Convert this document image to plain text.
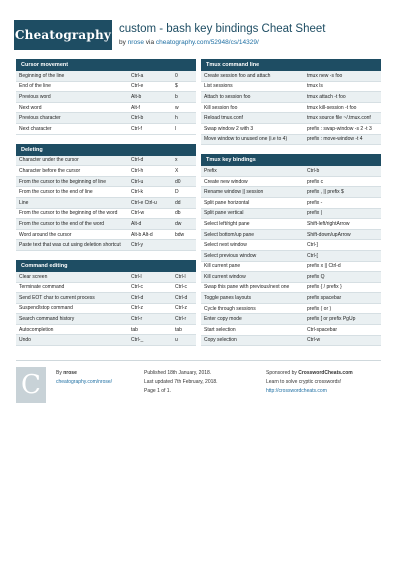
Cheatography custom - bash key bindings Cheat Sheet
by nrose via cheatography.com/52948/cs/14329/
Cursor movement
Beginning of the line	Ctrl-a	0
End of the line	Ctrl-e	$
Previous word	Alt-b	b
Next word	Alt-f	w
Previous character	Ctrl-b	h
Next character	Ctrl-f	l
Deleting
Character under the cursor	Ctrl-d	x
Character before the cursor	Ctrl-h	X
From the cursor to the beginning of line	Ctrl-u	d0
From the cursor to the end of line	Ctrl-k	D
Line	Ctrl-e Ctrl-u	dd
From the cursor to the beginning of the word	Ctrl-w	db
From the cursor to the end of the word	Alt-d	dw
Word around the cursor	Alt-b Alt-d	bdw
Paste text that was cut using deletion shortcut	Ctrl-y
Command editing
Clear screen	Ctrl-l	Ctrl-l
Terminate command	Ctrl-c	Ctrl-c
Send EOT char to current process	Ctrl-d	Ctrl-d
Suspend/stop command	Ctrl-z	Ctrl-z
Search command history	Ctrl-r	Ctrl-r
Autocompletion	tab	tab
Undo	Ctrl-_	u
Tmux command line
Create session foo and attach	tmux new -s foo
List sessions	tmux ls
Attach to session foo	tmux attach -t foo
Kill session foo	tmux kill-session -t foo
Reload tmux.conf	tmux source file ~/.tmux.conf
Swap window 2 with 3	prefix : swap-window -s 2 -t 3
Move window to unused one (i.e to 4)	prefix : move-window -t 4
Tmux key bindings
Prefix	Ctrl-b
Create new window	prefix c
Rename window || session	prefix , || prefix $
Split pane horizontal	prefix -
Split pane vertical	prefix |
Select left/right pane	Shift-left/rightArrow
Select bottom/up pane	Shift-down/upArrow
Select next window	Ctrl-]
Select previous window	Ctrl-[
Kill current pane	prefix x || Ctrl-d
Kill current window	prefix Q
Swap this pane with previous/next one	prefix { / prefix }
Toggle panes layouts	prefix spacebar
Cycle through sessions	prefix ( or )
Enter copy mode	prefix [ or prefix PgUp
Start selection	Ctrl-spacebar
Copy selection	Ctrl-w
C	By nrose
cheatography.com/nrose/
Published 18th January, 2018.
Last updated 7th February, 2018.
Page 1 of 1.
Sponsored by CrosswordCheats.com
Learn to solve cryptic crosswords!
http://crosswordcheats.com
